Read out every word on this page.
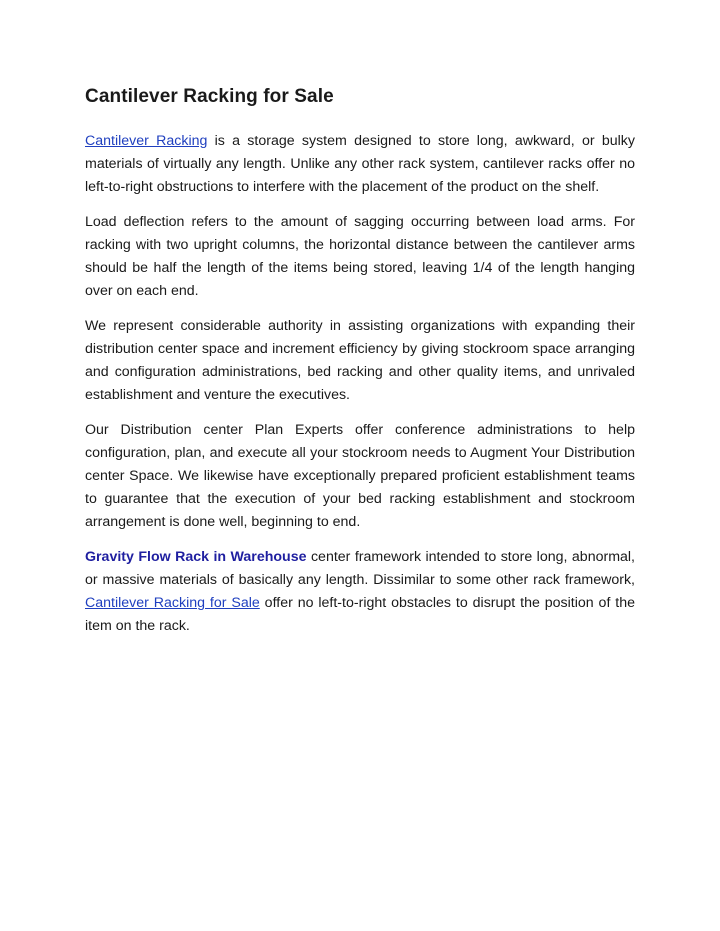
Cantilever Racking for Sale

Cantilever Racking is a storage system designed to store long, awkward, or bulky materials of virtually any length. Unlike any other rack system, cantilever racks offer no left-to-right obstructions to interfere with the placement of the product on the shelf.

Load deflection refers to the amount of sagging occurring between load arms. For racking with two upright columns, the horizontal distance between the cantilever arms should be half the length of the items being stored, leaving 1/4 of the length hanging over on each end.

We represent considerable authority in assisting organizations with expanding their distribution center space and increment efficiency by giving stockroom space arranging and configuration administrations, bed racking and other quality items, and unrivaled establishment and venture the executives.

Our Distribution center Plan Experts offer conference administrations to help configuration, plan, and execute all your stockroom needs to Augment Your Distribution center Space. We likewise have exceptionally prepared proficient establishment teams to guarantee that the execution of your bed racking establishment and stockroom arrangement is done well, beginning to end.

Gravity Flow Rack in Warehouse center framework intended to store long, abnormal, or massive materials of basically any length. Dissimilar to some other rack framework, Cantilever Racking for Sale offer no left-to-right obstacles to disrupt the position of the item on the rack.
